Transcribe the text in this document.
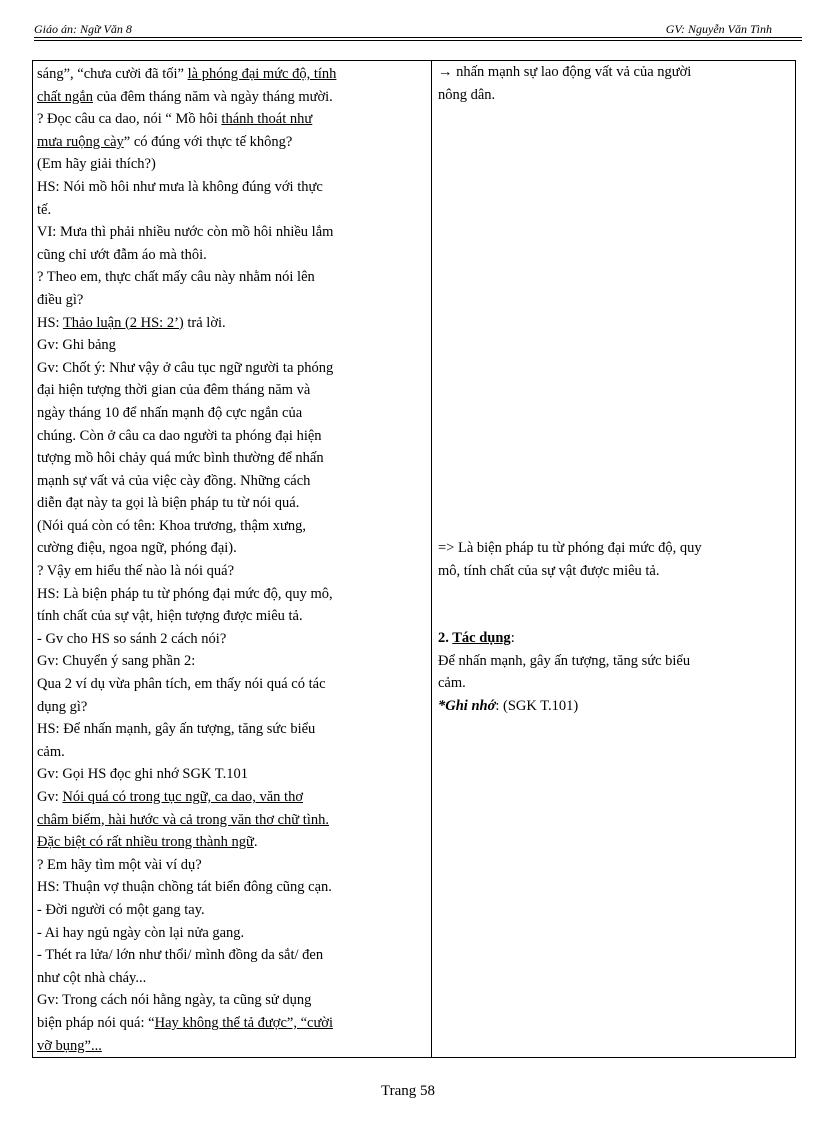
Giáo án: Ngữ Văn 8	GV: Nguyễn Văn Tình
sáng”, “chưa cười đã tối” là phóng đại mức độ, tính
chất ngắn của đêm tháng năm và ngày tháng mười.
? Đọc câu ca dao, nói “ Mồ hôi thánh thoát như
mưa ruộng cày” có đúng với thực tế không?
(Em hãy giải thích?)
HS: Nói mồ hôi như mưa là không đúng với thực
tế.
VI: Mưa thì phải nhiều nước còn mồ hôi nhiều lắm
cũng chỉ ướt đẫm áo mà thôi.
? Theo em, thực chất mấy câu này nhằm nói lên
điều gì?
HS: Thảo luận (2 HS: 2’) trả lời.
Gv: Ghi bảng
Gv: Chốt ý: Như vậy ở câu tục ngữ người ta phóng
đại hiện tượng thời gian của đêm tháng năm và
ngày tháng 10 để nhấn mạnh độ cực ngắn của
chúng. Còn ở câu ca dao người ta phóng đại hiện
tượng mồ hôi chảy quá mức bình thường để nhấn
mạnh sự vất vả của việc cày đồng. Những cách
diễn đạt này ta gọi là biện pháp tu từ nói quá.
(Nói quá còn có tên: Khoa trương, thậm xưng,
cường điệu, ngoa ngữ, phóng đại).
? Vậy em hiểu thế nào là nói quá?
HS: Là biện pháp tu từ phóng đại mức độ, quy mô,
tính chất của sự vật, hiện tượng được miêu tả.
- Gv cho HS so sánh 2 cách nói?
Gv: Chuyển ý sang phần 2:
Qua 2 ví dụ vừa phân tích, em thấy nói quá có tác
dụng gì?
HS: Để nhấn mạnh, gây ấn tượng, tăng sức biểu
cảm.
Gv: Gọi HS đọc ghi nhớ SGK T.101
Gv: Nói quá có trong tục ngữ, ca dao, văn thơ
châm biếm, hài hước và cả trong văn thơ chữ tình.
Đặc biệt có rất nhiều trong thành ngữ.
? Em hãy tìm một vài ví dụ?
HS: Thuận vợ thuận chồng tát biển đông cũng cạn.
- Đời người có một gang tay.
- Ai hay ngủ ngày còn lại nửa gang.
- Thét ra lửa/ lớn như thổi/ mình đồng da sắt/ đen
như cột nhà cháy...
Gv: Trong cách nói hằng ngày, ta cũng sử dụng
biện pháp nói quá: “Hay không thể tả được”, “cười
vỡ bụng”...

→ nhấn mạnh sự lao động vất vả của người
nông dân.
=> Là biện pháp tu từ phóng đại mức độ, quy
mô, tính chất của sự vật được miêu tả.
2. Tác dụng:
Để nhấn mạnh, gây ấn tượng, tăng sức biểu
cảm.
*Ghi nhớ: (SGK T.101)
Trang 58
